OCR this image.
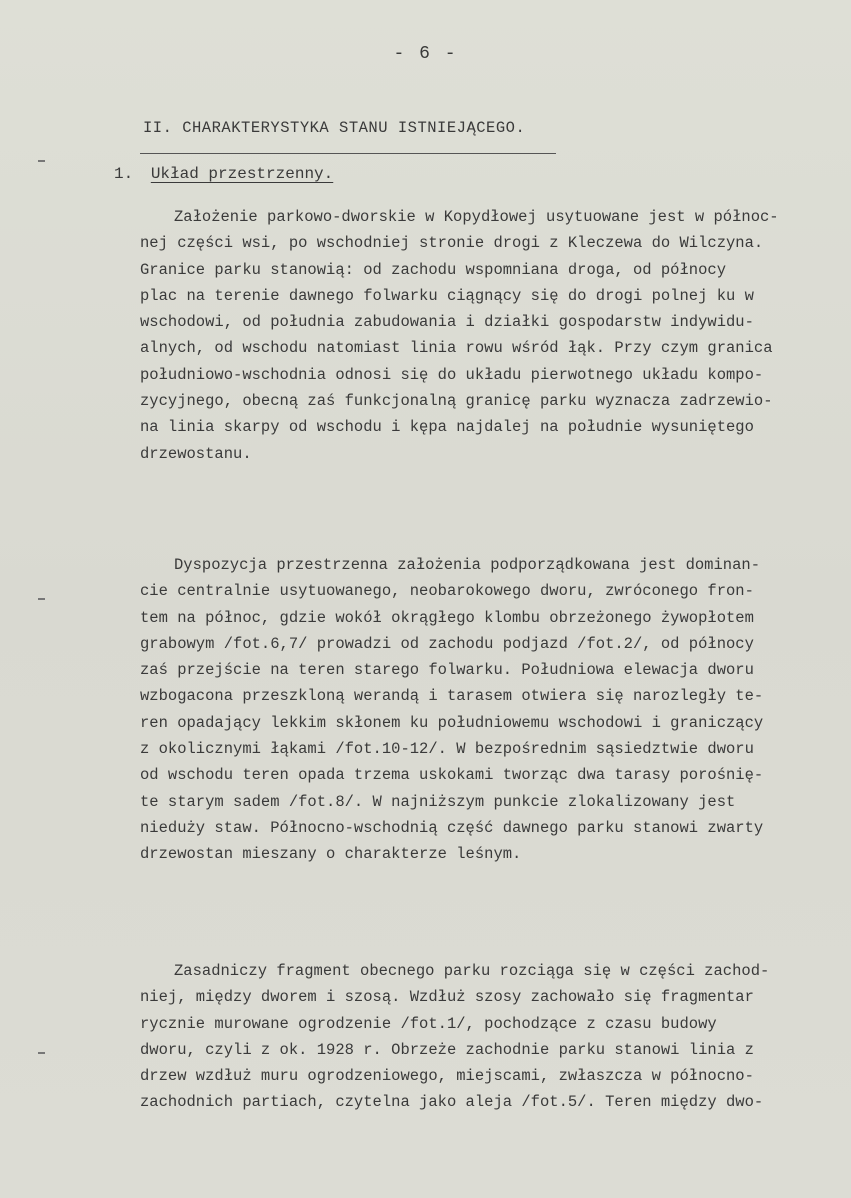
- 6 -
II. CHARAKTERYSTYKA STANU ISTNIEJĄCEGO.
1. Układ przestrzenny.
Założenie parkowo-dworskie w Kopydłowej usytuowane jest w północ-
nej części wsi, po wschodniej stronie drogi z Kleczewa do Wilczyna.
Granice parku stanowią: od zachodu wspomniana droga, od północy
plac na terenie dawnego folwarku ciągnący się do drogi polnej ku w
wschodowi, od południa zabudowania i działki gospodarstw indywidu-
alnych, od wschodu natomiast linia rowu wśród łąk. Przy czym granica
południowo-wschodnia odnosi się do układu pierwotnego układu kompo-
zycyjnego, obecną zaś funkcjonalną granicę parku wyznacza zadrzewio-
na linia skarpy od wschodu i kępa najdalej na południe wysuniętego
drzewostanu.
Dyspozycja przestrzenna założenia podporządkowana jest dominan-
cie centralnie usytuowanego, neobarokowego dworu, zwróconego fron-
tem na północ, gdzie wokół okrągłego klombu obrzeżonego żywopłotem
grabowym /fot.6,7/ prowadzi od zachodu podjazd /fot.2/, od północy
zaś przejście na teren starego folwarku. Południowa elewacja dworu
wzbogacona przeszkloną werandą i tarasem otwiera się narozległy te-
ren opadający lekkim skłonem ku południowemu wschodowi i graniczący
z okolicznymi łąkami /fot.10-12/. W bezpośrednim sąsiedztwie dworu
od wschodu teren opada trzema uskokami tworząc dwa tarasy porośnię-
te starym sadem /fot.8/. W najniższym punkcie zlokalizowany jest
nieduży staw. Północno-wschodnią część dawnego parku stanowi zwarty
drzewostan mieszany o charakterze leśnym.
Zasadniczy fragment obecnego parku rozciąga się w części zachod-
niej, między dworem i szosą. Wzdłuż szosy zachowało się fragmentar
rycznie murowane ogrodzenie /fot.1/, pochodzące z czasu budowy
dworu, czyli z ok. 1928 r. Obrzeże zachodnie parku stanowi linia z
drzew wzdłuż muru ogrodzeniowego, miejscami, zwłaszcza w północno-
zachodnich partiach, czytelna jako aleja /fot.5/. Teren między dwo-
